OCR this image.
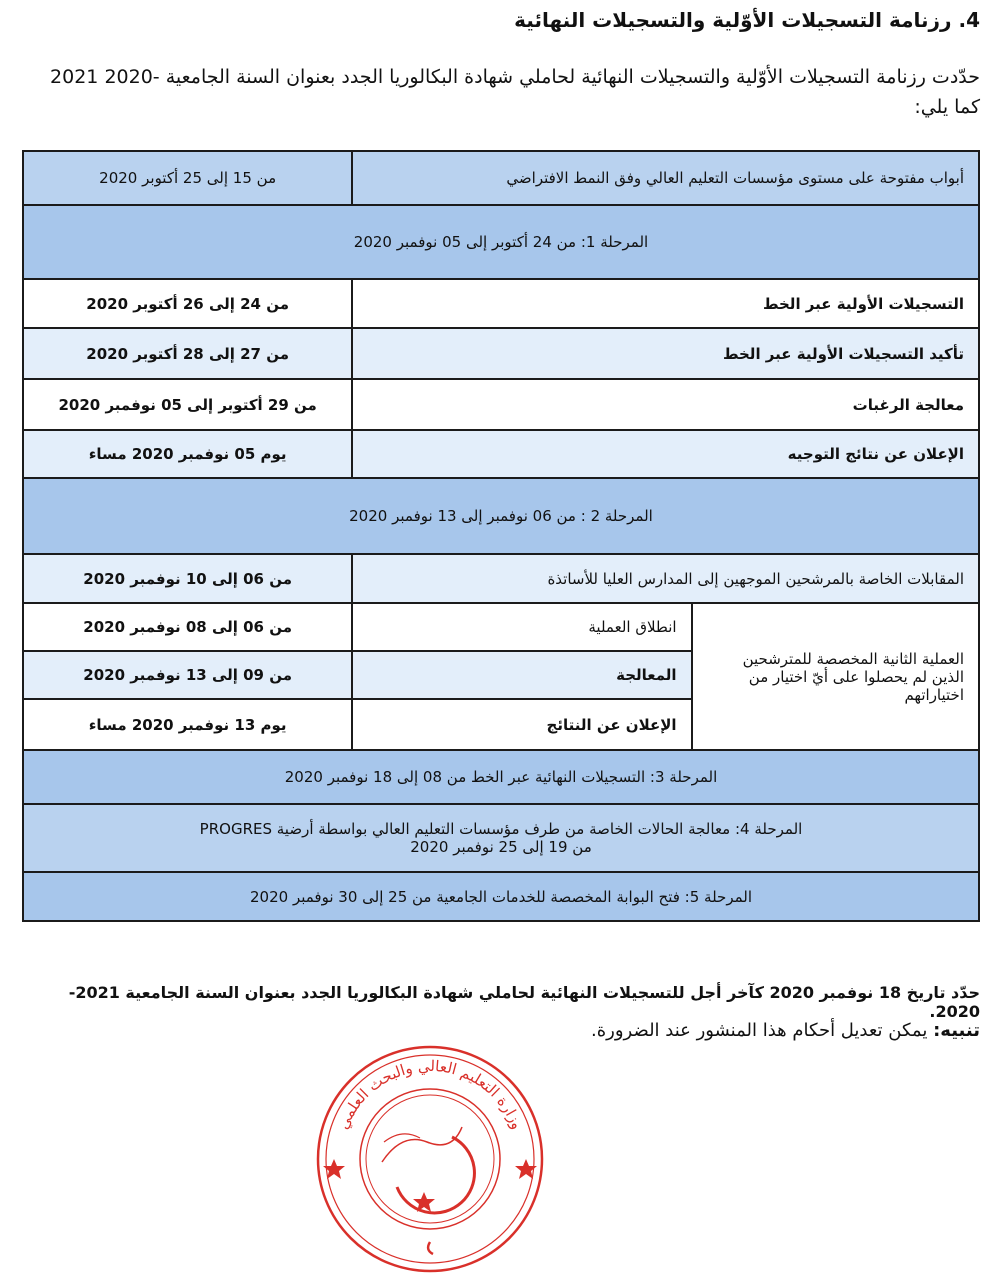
4. رزنامة التسجيلات الأوّلية والتسجيلات النهائية
حدّدت رزنامة التسجيلات الأوّلية والتسجيلات النهائية لحاملي شهادة البكالوريا الجدد بعنوان السنة الجامعية -2020 2021 كما يلي:
أبواب مفتوحة على مستوى مؤسسات التعليم العالي وفق النمط الافتراضي		من 15 إلى 25 أكتوبر 2020
المرحلة 1: من 24 أكتوبر إلى 05 نوفمبر 2020		
التسجيلات الأولية عبر الخط		من 24 إلى 26 أكتوبر 2020
تأكيد التسجيلات الأولية عبر الخط		من 27 إلى 28 أكتوبر 2020
معالجة الرغبات		من 29 أكتوبر إلى 05 نوفمبر 2020
الإعلان عن نتائج التوجيه		يوم 05 نوفمبر 2020 مساء
المرحلة 2 : من 06 نوفمبر إلى 13 نوفمبر 2020		
المقابلات الخاصة بالمرشحين الموجهين إلى المدارس العليا للأساتذة		من 06 إلى 10 نوفمبر 2020
العملية الثانية المخصصة للمترشحين الذين لم يحصلوا على أيّ اختيار من اختياراتهم	انطلاق العملية	من 06 إلى 08 نوفمبر 2020
	المعالجة	من 09 إلى 13 نوفمبر 2020
	الإعلان عن النتائج	يوم 13 نوفمبر 2020 مساء
المرحلة 3: التسجيلات النهائية عبر الخط من 08 إلى 18 نوفمبر 2020		

المرحلة 4: معالجة الحالات الخاصة من طرف مؤسسات التعليم العالي بواسطة أرضية PROGRES
من 19 إلى 25 نوفمبر 2020		

المرحلة 5: فتح البوابة المخصصة للخدمات الجامعية من 25 إلى 30 نوفمبر 2020		
حدّد تاريخ 18 نوفمبر 2020 كآخر أجل للتسجيلات النهائية لحاملي شهادة البكالوريا الجدد بعنوان السنة الجامعية 2021-2020.
تنبيه: يمكن تعديل أحكام هذا المنشور عند الضرورة.
وزارة التعليم العالي والبحث العلمي
